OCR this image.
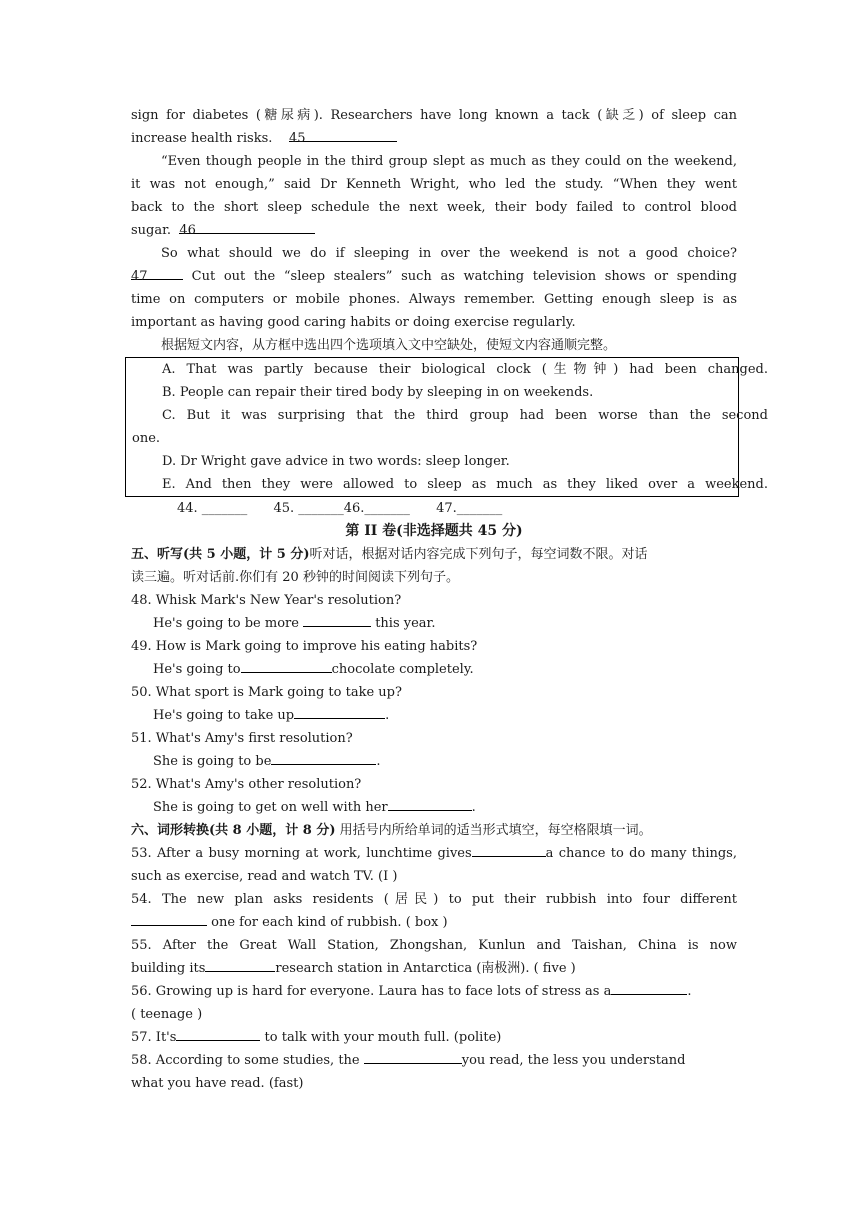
sign for diabetes (糖尿病). Researchers have long known a tack (缺乏) of sleep can
increase health risks. 45
“Even though people in the third group slept as much as they could on the weekend,
it was not enough,” said Dr Kenneth Wright, who led the study. “When they went
back to the short sleep schedule the next week, their body failed to control blood
sugar. 46
So what should we do if sleeping in over the weekend is not a good choice?
47	Cut out the “sleep stealers” such as watching television shows or spending
time on computers or mobile phones. Always remember. Getting enough sleep is as
important as having good caring habits or doing exercise regularly.
根据短文内容，从方框中选出四个选项填入文中空缺处，使短文内容通顺完整。
A. That was partly because their biological clock (生物钟) had been changed.
B. People can repair their tired body by sleeping in on weekends.
C. But it was surprising that the third group had been worse than the second
one.
D. Dr Wright gave advice in two words: sleep longer.
E. And then they were allowed to sleep as much as they liked over a weekend.
44. _______ 45. _______46._______ 47._______
第 II 卷(非选择题共 45 分)
五、听写(共 5 小题，计 5 分)听对话，根据对话内容完成下列句子，每空词数不限。对话
读三遍。听对话前.你们有 20 秒钟的时间阅读下列句子。
48. Whisk Mark's New Year's resolution?
He's going to be more	this year.
49. How is Mark going to improve his eating habits?
He's going to	chocolate completely.
50. What sport is Mark going to take up?
He's going to take up	.
51. What's Amy's first resolution?
She is going to be	.
52. What's Amy's other resolution?
She is going to get on well with her	.
六、词形转换(共 8 小题，计 8 分) 用括号内所给单词的适当形式填空，每空格限填一词。
53. After a busy morning at work, lunchtime gives	a chance to do many things,
such as exercise, read and watch TV. (I )
54. The new plan asks residents (居民) to put their rubbish into four different
one for each kind of rubbish. ( box )
55. After the Great Wall Station, Zhongshan, Kunlun and Taishan, China is now
building its	research station in Antarctica (南极洲). ( five )
56. Growing up is hard for everyone. Laura has to face lots of stress as a	.
( teenage )
57. It's	to talk with your mouth full. (polite)
58. According to some studies, the	you read, the less you understand
what you have read. (fast)
